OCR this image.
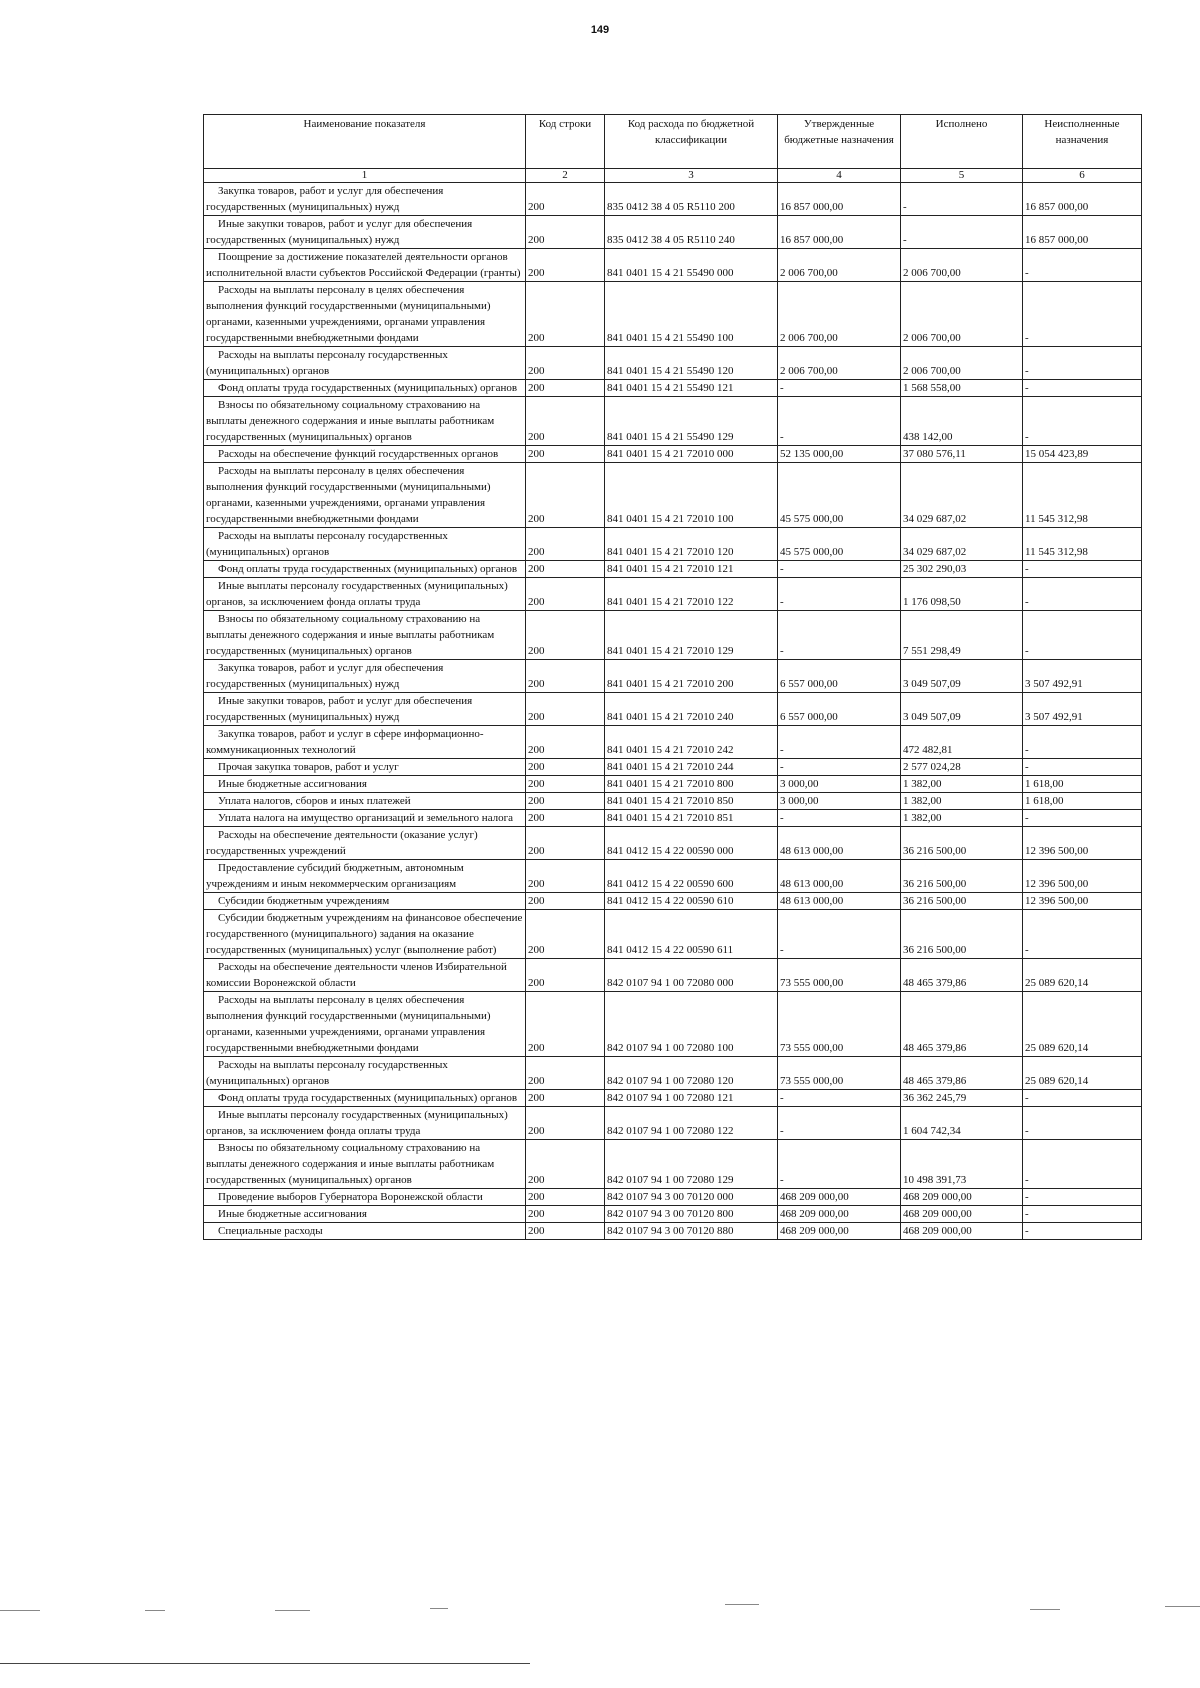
149
Наименование показателя	Код строки	Код расхода по бюджетной классификации	Утвержденные бюджетные назначения	Исполнено	Неисполненные назначения
1	2	3	4	5	6

Закупка товаров, работ и услуг для обеспечения государственных (муниципальных) нужд	200	835 0412 38 4 05 R5110 200	16 857 000,00	-	16 857 000,00

Иные закупки товаров, работ и услуг для обеспечения государственных (муниципальных) нужд	200	835 0412 38 4 05 R5110 240	16 857 000,00	-	16 857 000,00

Поощрение за достижение показателей деятельности органов исполнительной власти субъектов Российской Федерации (гранты)	200	841 0401 15 4 21 55490 000	2 006 700,00	2 006 700,00	-

Расходы на выплаты персоналу в целях обеспечения выполнения функций государственными (муниципальными) органами, казенными учреждениями, органами управления государственными внебюджетными фондами	200	841 0401 15 4 21 55490 100	2 006 700,00	2 006 700,00	-

Расходы на выплаты персоналу государственных (муниципальных) органов	200	841 0401 15 4 21 55490 120	2 006 700,00	2 006 700,00	-

Фонд оплаты труда государственных (муниципальных) органов	200	841 0401 15 4 21 55490 121	-	1 568 558,00	-

Взносы по обязательному социальному страхованию на выплаты денежного содержания и иные выплаты работникам государственных (муниципальных) органов	200	841 0401 15 4 21 55490 129	-	438 142,00	-

Расходы на обеспечение функций государственных органов	200	841 0401 15 4 21 72010 000	52 135 000,00	37 080 576,11	15 054 423,89

Расходы на выплаты персоналу в целях обеспечения выполнения функций государственными (муниципальными) органами, казенными учреждениями, органами управления государственными внебюджетными фондами	200	841 0401 15 4 21 72010 100	45 575 000,00	34 029 687,02	11 545 312,98

Расходы на выплаты персоналу государственных (муниципальных) органов	200	841 0401 15 4 21 72010 120	45 575 000,00	34 029 687,02	11 545 312,98

Фонд оплаты труда государственных (муниципальных) органов	200	841 0401 15 4 21 72010 121	-	25 302 290,03	-

Иные выплаты персоналу государственных (муниципальных) органов, за исключением фонда оплаты труда	200	841 0401 15 4 21 72010 122	-	1 176 098,50	-

Взносы по обязательному социальному страхованию на выплаты денежного содержания и иные выплаты работникам государственных (муниципальных) органов	200	841 0401 15 4 21 72010 129	-	7 551 298,49	-

Закупка товаров, работ и услуг для обеспечения государственных (муниципальных) нужд	200	841 0401 15 4 21 72010 200	6 557 000,00	3 049 507,09	3 507 492,91

Иные закупки товаров, работ и услуг для обеспечения государственных (муниципальных) нужд	200	841 0401 15 4 21 72010 240	6 557 000,00	3 049 507,09	3 507 492,91

Закупка товаров, работ и услуг в сфере информационно-коммуникационных технологий	200	841 0401 15 4 21 72010 242	-	472 482,81	-

Прочая закупка товаров, работ и услуг	200	841 0401 15 4 21 72010 244	-	2 577 024,28	-

Иные бюджетные ассигнования	200	841 0401 15 4 21 72010 800	3 000,00	1 382,00	1 618,00

Уплата налогов, сборов и иных платежей	200	841 0401 15 4 21 72010 850	3 000,00	1 382,00	1 618,00

Уплата налога на имущество организаций и земельного налога	200	841 0401 15 4 21 72010 851	-	1 382,00	-

Расходы на обеспечение деятельности (оказание услуг) государственных учреждений	200	841 0412 15 4 22 00590 000	48 613 000,00	36 216 500,00	12 396 500,00

Предоставление субсидий бюджетным, автономным учреждениям и иным некоммерческим организациям	200	841 0412 15 4 22 00590 600	48 613 000,00	36 216 500,00	12 396 500,00

Субсидии бюджетным учреждениям	200	841 0412 15 4 22 00590 610	48 613 000,00	36 216 500,00	12 396 500,00

Субсидии бюджетным учреждениям на финансовое обеспечение государственного (муниципального) задания на оказание государственных (муниципальных) услуг (выполнение работ)	200	841 0412 15 4 22 00590 611	-	36 216 500,00	-

Расходы на обеспечение деятельности членов Избирательной комиссии Воронежской области	200	842 0107 94 1 00 72080 000	73 555 000,00	48 465 379,86	25 089 620,14

Расходы на выплаты персоналу в целях обеспечения выполнения функций государственными (муниципальными) органами, казенными учреждениями, органами управления государственными внебюджетными фондами	200	842 0107 94 1 00 72080 100	73 555 000,00	48 465 379,86	25 089 620,14

Расходы на выплаты персоналу государственных (муниципальных) органов	200	842 0107 94 1 00 72080 120	73 555 000,00	48 465 379,86	25 089 620,14

Фонд оплаты труда государственных (муниципальных) органов	200	842 0107 94 1 00 72080 121	-	36 362 245,79	-

Иные выплаты персоналу государственных (муниципальных) органов, за исключением фонда оплаты труда	200	842 0107 94 1 00 72080 122	-	1 604 742,34	-

Взносы по обязательному социальному страхованию на выплаты денежного содержания и иные выплаты работникам государственных (муниципальных) органов	200	842 0107 94 1 00 72080 129	-	10 498 391,73	-

Проведение выборов Губернатора Воронежской области	200	842 0107 94 3 00 70120 000	468 209 000,00	468 209 000,00	-

Иные бюджетные ассигнования	200	842 0107 94 3 00 70120 800	468 209 000,00	468 209 000,00	-

Специальные расходы	200	842 0107 94 3 00 70120 880	468 209 000,00	468 209 000,00	-
